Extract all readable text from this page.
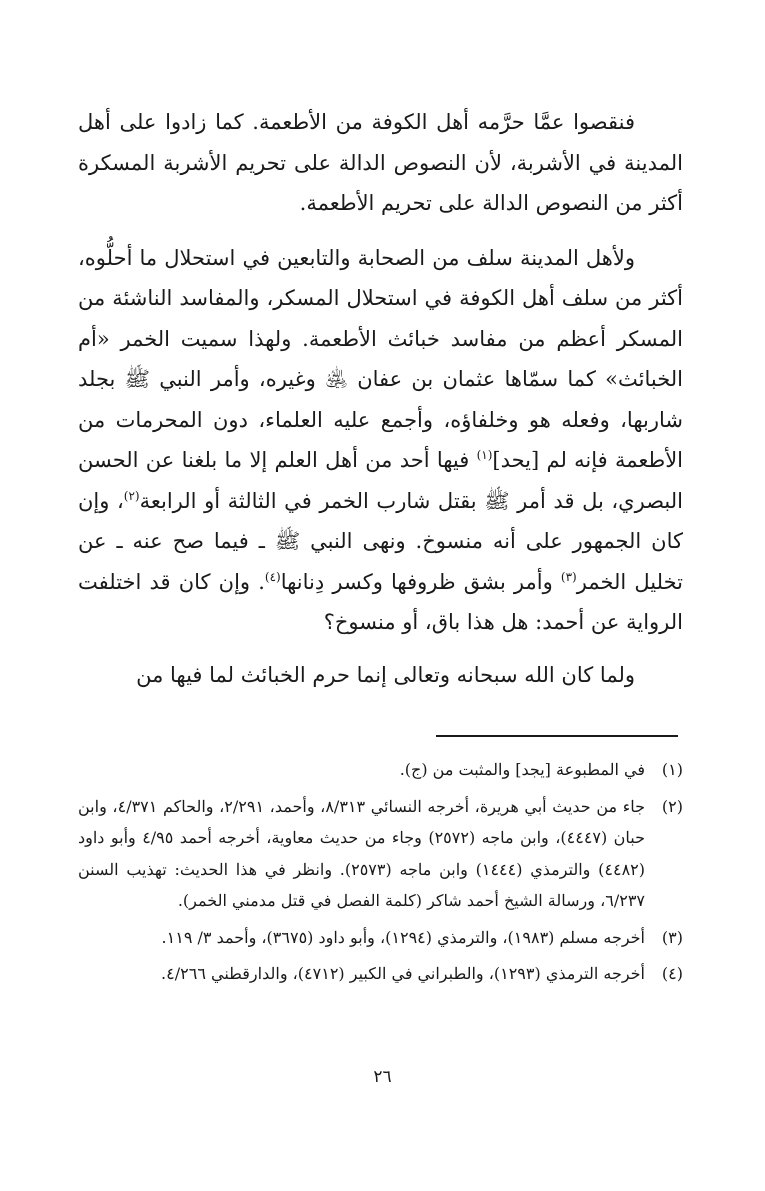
فنقصوا عمَّا حرَّمه أهل الكوفة من الأطعمة. كما زادوا على أهل المدينة في الأشربة، لأن النصوص الدالة على تحريم الأشربة المسكرة أكثر من النصوص الدالة على تحريم الأطعمة.

ولأهل المدينة سلف من الصحابة والتابعين في استحلال ما أحلُّوه، أكثر من سلف أهل الكوفة في استحلال المسكر، والمفاسد الناشئة من المسكر أعظم من مفاسد خبائث الأطعمة. ولهذا سميت الخمر «أم الخبائث» كما سمّاها عثمان بن عفان ﵁ وغيره، وأمر النبي ﷺ بجلد شاربها، وفعله هو وخلفاؤه، وأجمع عليه العلماء، دون المحرمات من الأطعمة فإنه لم [يحد]$^{(١)}$ فيها أحد من أهل العلم إلا ما بلغنا عن الحسن البصري، بل قد أمر ﷺ بقتل شارب الخمر في الثالثة أو الرابعة$^{(٢)}$، وإن كان الجمهور على أنه منسوخ. ونهى النبي ﷺ ـ فيما صح عنه ـ عن تخليل الخمر$^{(٣)}$ وأمر بشق ظروفها وكسر دِنانها$^{(٤)}$. وإن كان قد اختلفت الرواية عن أحمد: هل هذا باق، أو منسوخ؟

ولما كان الله سبحانه وتعالى إنما حرم الخبائث لما فيها من

(١)
في المطبوعة [يجد] والمثبت من (ج).
(٢)
جاء من حديث أبي هريرة، أخرجه النسائي ٨/٣١٣، وأحمد، ٢/٢٩١، والحاكم ٤/٣٧١، وابن حبان (٤٤٤٧)، وابن ماجه (٢٥٧٢) وجاء من حديث معاوية، أخرجه أحمد ٤/٩٥ وأبو داود (٤٤٨٢) والترمذي (١٤٤٤) وابن ماجه (٢٥٧٣). وانظر في هذا الحديث: تهذيب السنن ٦/٢٣٧، ورسالة الشيخ أحمد شاكر (كلمة الفصل في قتل مدمني الخمر).
(٣)
أخرجه مسلم (١٩٨٣)، والترمذي (١٢٩٤)، وأبو داود (٣٦٧٥)، وأحمد ٣/ ١١٩.
(٤)
أخرجه الترمذي (١٢٩٣)، والطبراني في الكبير (٤٧١٢)، والدارقطني ٤/٢٦٦.
٢٦
